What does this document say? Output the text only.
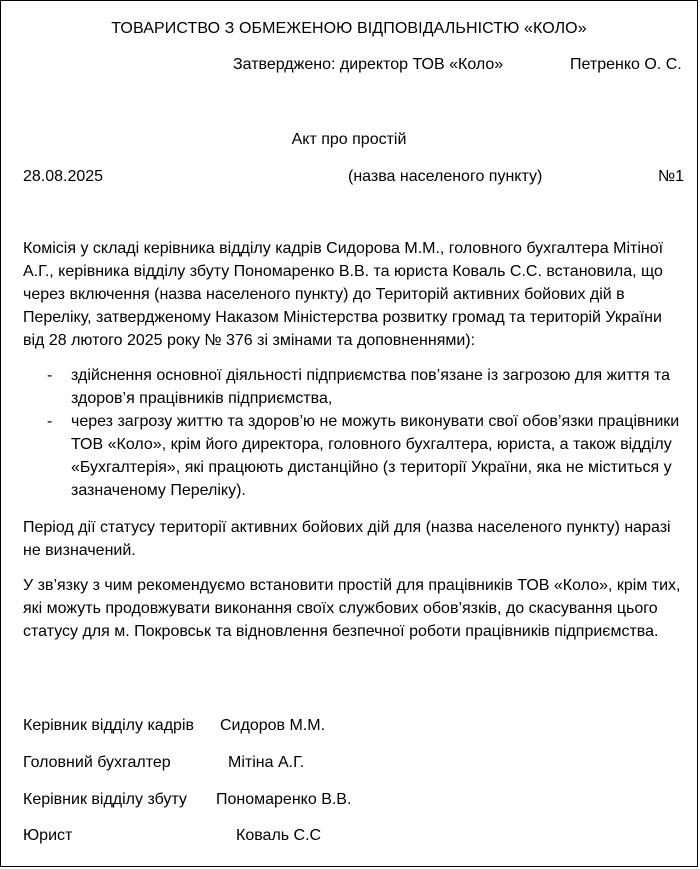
ТОВАРИСТВО З ОБМЕЖЕНОЮ ВІДПОВІДАЛЬНІСТЮ «КОЛО»
Затверджено: директор ТОВ «Коло»	Петренко О. С.
Акт про простій
28.08.2025	(назва населеного пункту)	№1
Комісія у складі керівника відділу кадрів Сидорова М.М., головного бухгалтера Мітіної А.Г., керівника відділу збуту Пономаренко В.В. та юриста Коваль С.С. встановила, що через включення (назва населеного пункту) до Територій активних бойових дій в Переліку, затвердженому Наказом Міністерства розвитку громад та територій України від 28 лютого 2025 року № 376 зі змінами та доповненнями):
- здійснення основної діяльності підприємства пов’язане із загрозою для життя та здоров’я працівників підприємства,
- через загрозу життю та здоров’ю не можуть виконувати свої обов’язки працівники ТОВ «Коло», крім його директора, головного бухгалтера, юриста, а також відділу «Бухгалтерія», які працюють дистанційно (з території України, яка не міститься у зазначеному Переліку).
Період дії статусу території активних бойових дій для (назва населеного пункту) наразі не визначений.
У зв’язку з чим рекомендуємо встановити простій для працівників ТОВ «Коло», крім тих, які можуть продовжувати виконання своїх службових обов’язків, до скасування цього статусу для м. Покровськ та відновлення безпечної роботи працівників підприємства.
Керівник відділу кадрів Сидоров М.М.
Головний бухгалтер	Мітіна А.Г.
Керівник відділу збуту Пономаренко В.В.
Юрист	Коваль С.С
